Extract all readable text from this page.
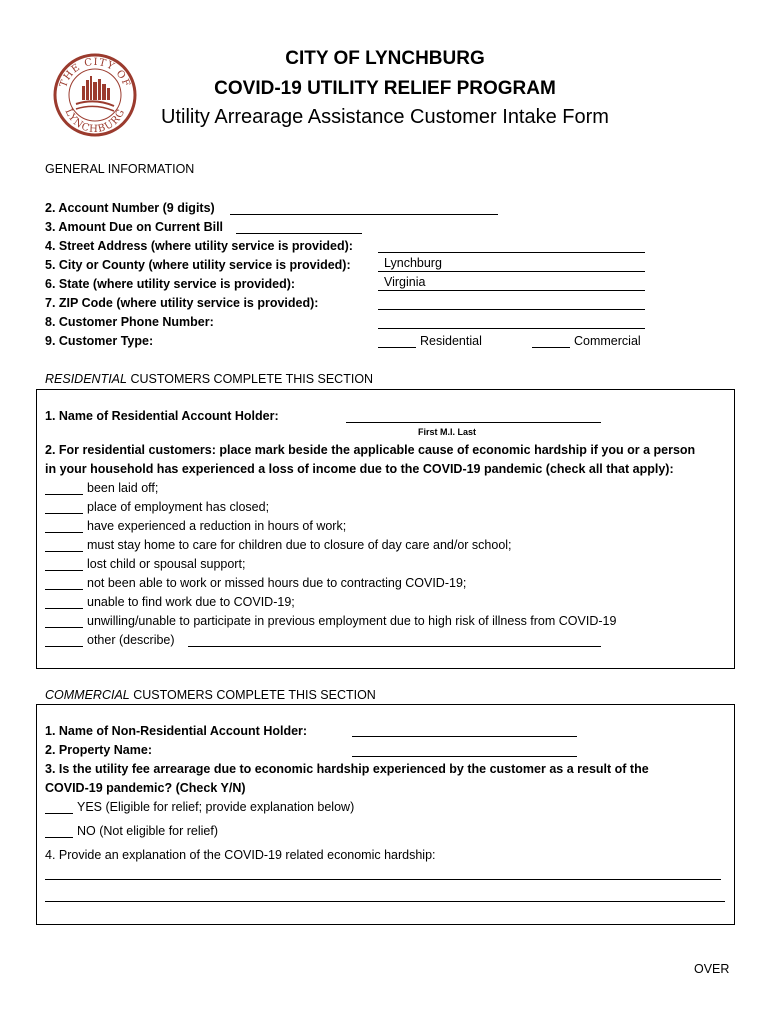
THE CITY OF
LYNCHBURG
CITY OF LYNCHBURG
COVID-19 UTILITY RELIEF PROGRAM
Utility Arrearage Assistance Customer Intake Form
GENERAL INFORMATION
2. Account Number (9 digits)
3. Amount Due on Current Bill
4. Street Address (where utility service is provided):
5. City or County (where utility service is provided):	Lynchburg
6. State (where utility service is provided):	Virginia
7. ZIP Code (where utility service is provided):
8. Customer Phone Number:
9. Customer Type:	Residential	Commercial
RESIDENTIAL CUSTOMERS COMPLETE THIS SECTION
1. Name of Residential Account Holder:
First M.I. Last
2. For residential customers: place mark beside the applicable cause of economic hardship if you or a person
in your household has experienced a loss of income due to the COVID-19 pandemic (check all that apply):
been laid off;
place of employment has closed;
have experienced a reduction in hours of work;
must stay home to care for children due to closure of day care and/or school;
lost child or spousal support;
not been able to work or missed hours due to contracting COVID-19;
unable to find work due to COVID-19;
unwilling/unable to participate in previous employment due to high risk of illness from COVID-19
other (describe)
COMMERCIAL CUSTOMERS COMPLETE THIS SECTION
1. Name of Non-Residential Account Holder:
2. Property Name:
3. Is the utility fee arrearage due to economic hardship experienced by the customer as a result of the
COVID-19 pandemic? (Check Y/N)
YES (Eligible for relief; provide explanation below)
NO (Not eligible for relief)
4. Provide an explanation of the COVID-19 related economic hardship:
OVER
